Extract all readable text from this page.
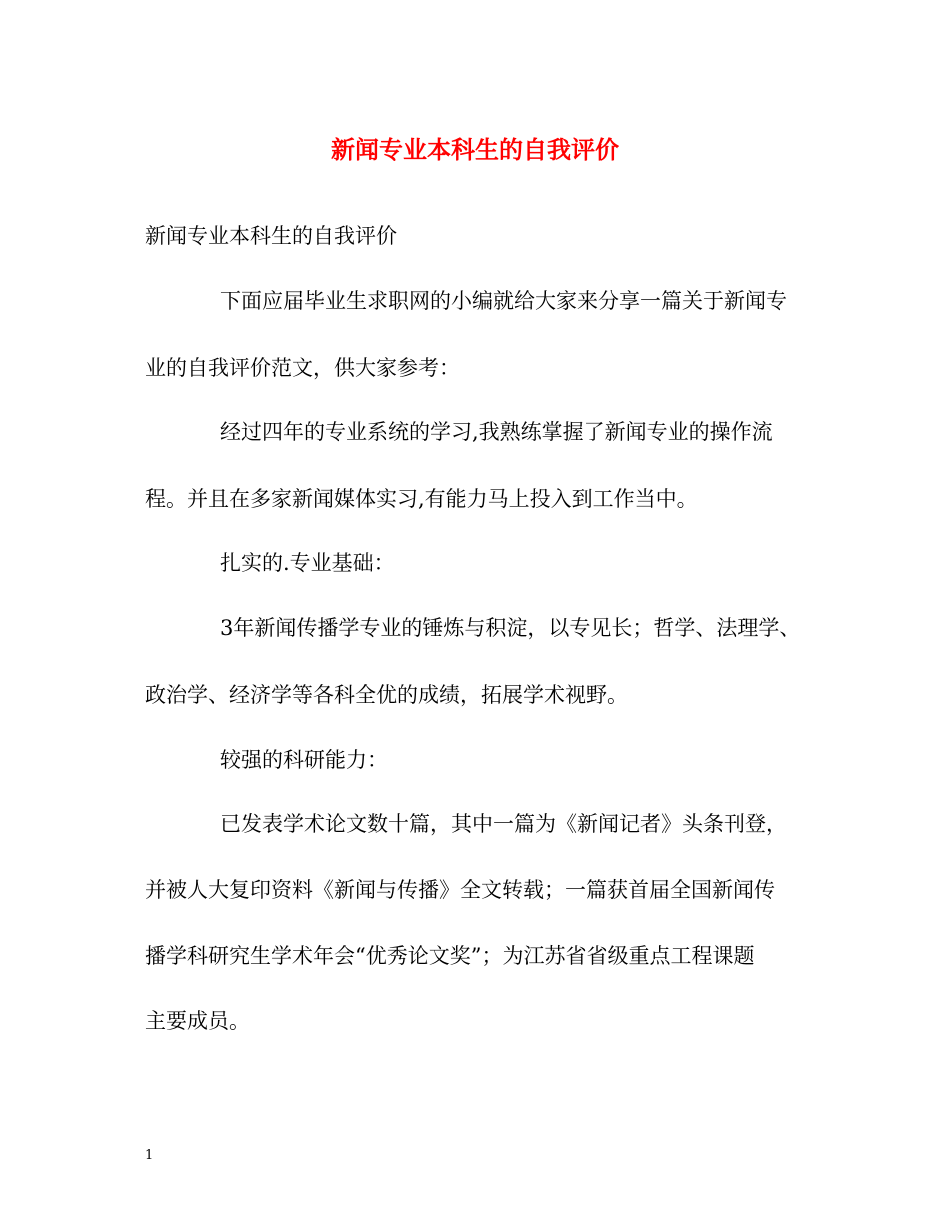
新闻专业本科生的自我评价
新闻专业本科生的自我评价
下面应届毕业生求职网的小编就给大家来分享一篇关于新闻专
业的自我评价范文，供大家参考：
经过四年的专业系统的学习,我熟练掌握了新闻专业的操作流
程。并且在多家新闻媒体实习,有能力马上投入到工作当中。
扎实的.专业基础：
3年新闻传播学专业的锤炼与积淀，以专见长；哲学、法理学、
政治学、经济学等各科全优的成绩，拓展学术视野。
较强的科研能力：
已发表学术论文数十篇，其中一篇为《新闻记者》头条刊登，
并被人大复印资料《新闻与传播》全文转载；一篇获首届全国新闻传
播学科研究生学术年会“优秀论文奖”；为江苏省省级重点工程课题
主要成员。
1
